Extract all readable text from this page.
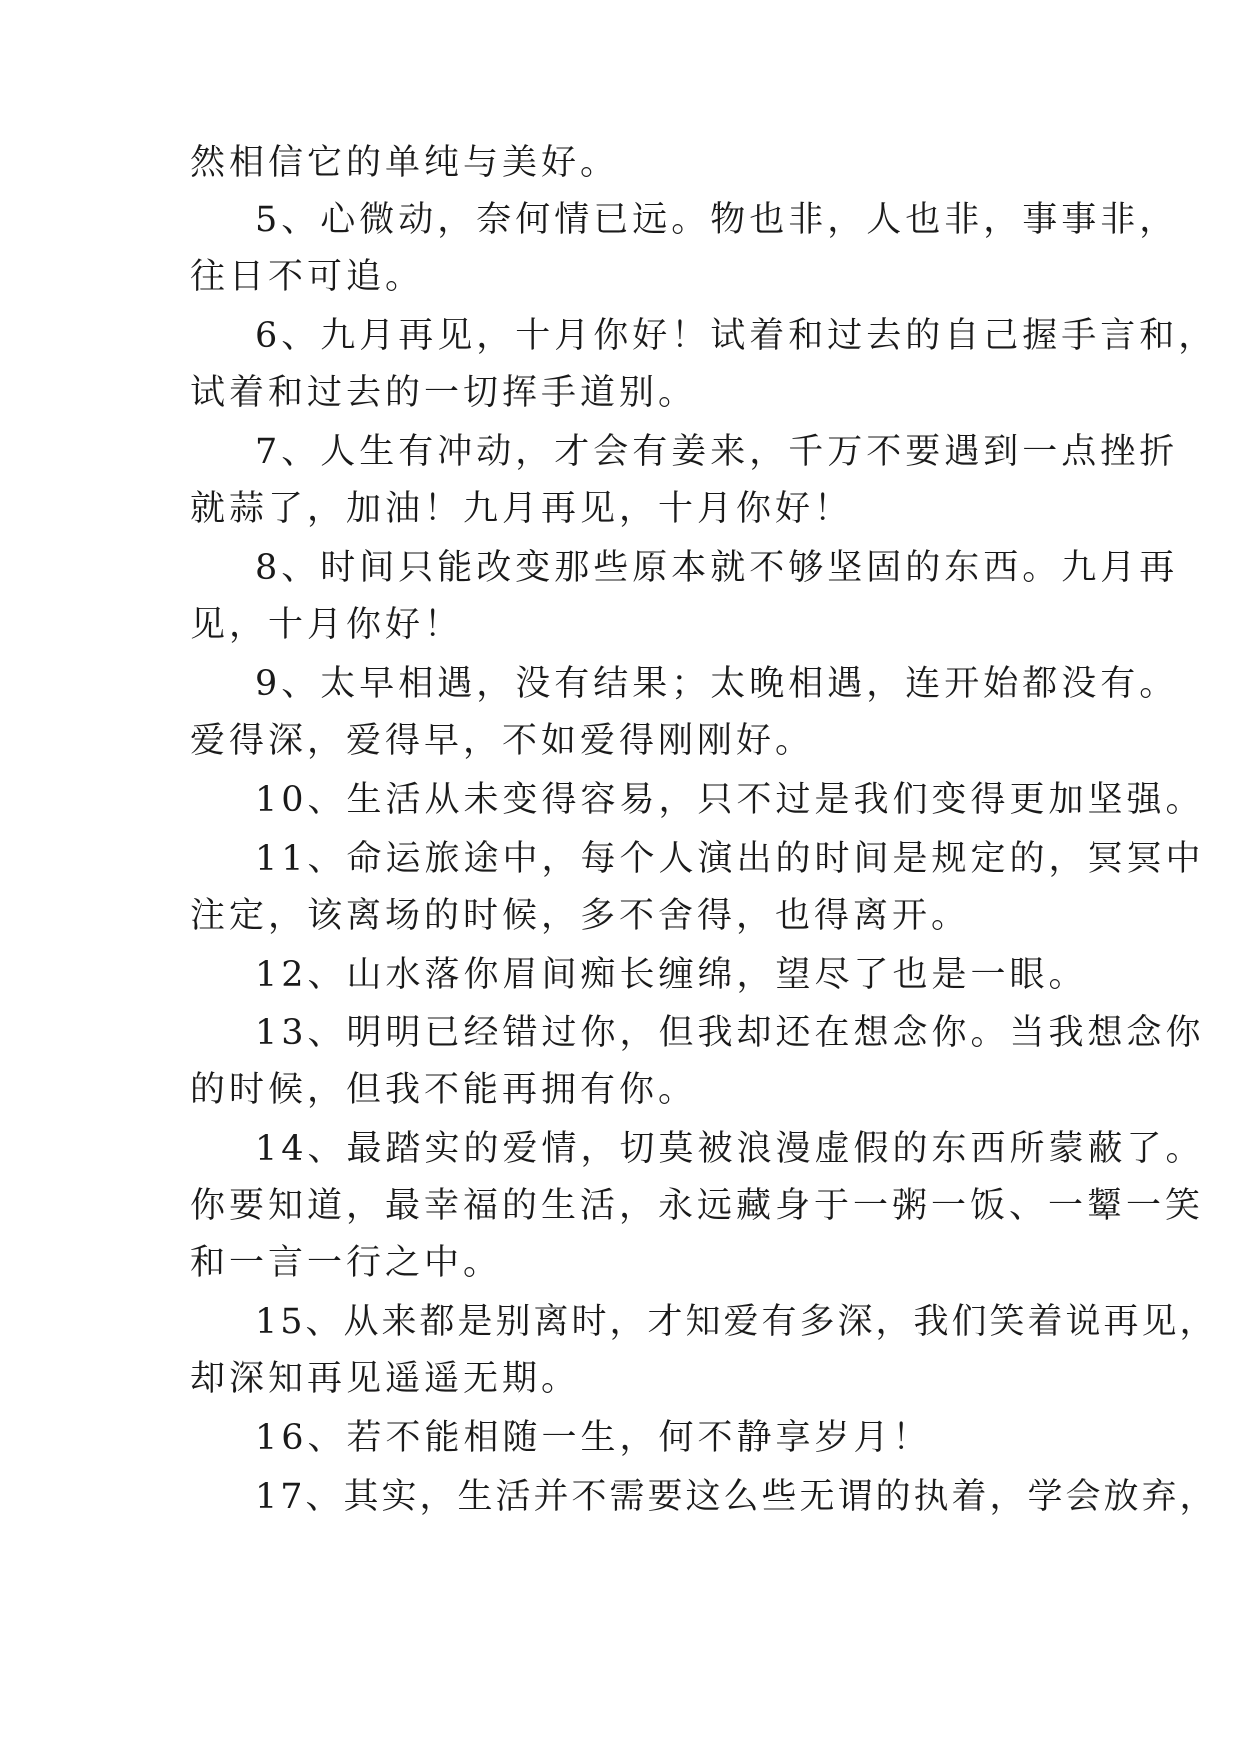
然相信它的单纯与美好。
5、心微动，奈何情已远。物也非，人也非，事事非，
往日不可追。
6、九月再见，十月你好！试着和过去的自己握手言和，
试着和过去的一切挥手道别。
7、人生有冲动，才会有姜来，千万不要遇到一点挫折
就蒜了，加油！九月再见，十月你好！
8、时间只能改变那些原本就不够坚固的东西。九月再
见，十月你好！
9、太早相遇，没有结果；太晚相遇，连开始都没有。
爱得深，爱得早，不如爱得刚刚好。
10、生活从未变得容易，只不过是我们变得更加坚强。
11、命运旅途中，每个人演出的时间是规定的，冥冥中
注定，该离场的时候，多不舍得，也得离开。
12、山水落你眉间痴长缠绵，望尽了也是一眼。
13、明明已经错过你，但我却还在想念你。当我想念你
的时候，但我不能再拥有你。
14、最踏实的爱情，切莫被浪漫虚假的东西所蒙蔽了。
你要知道，最幸福的生活，永远藏身于一粥一饭、一颦一笑
和一言一行之中。
15、从来都是别离时，才知爱有多深，我们笑着说再见，
却深知再见遥遥无期。
16、若不能相随一生，何不静享岁月！
17、其实，生活并不需要这么些无谓的执着，学会放弃，
